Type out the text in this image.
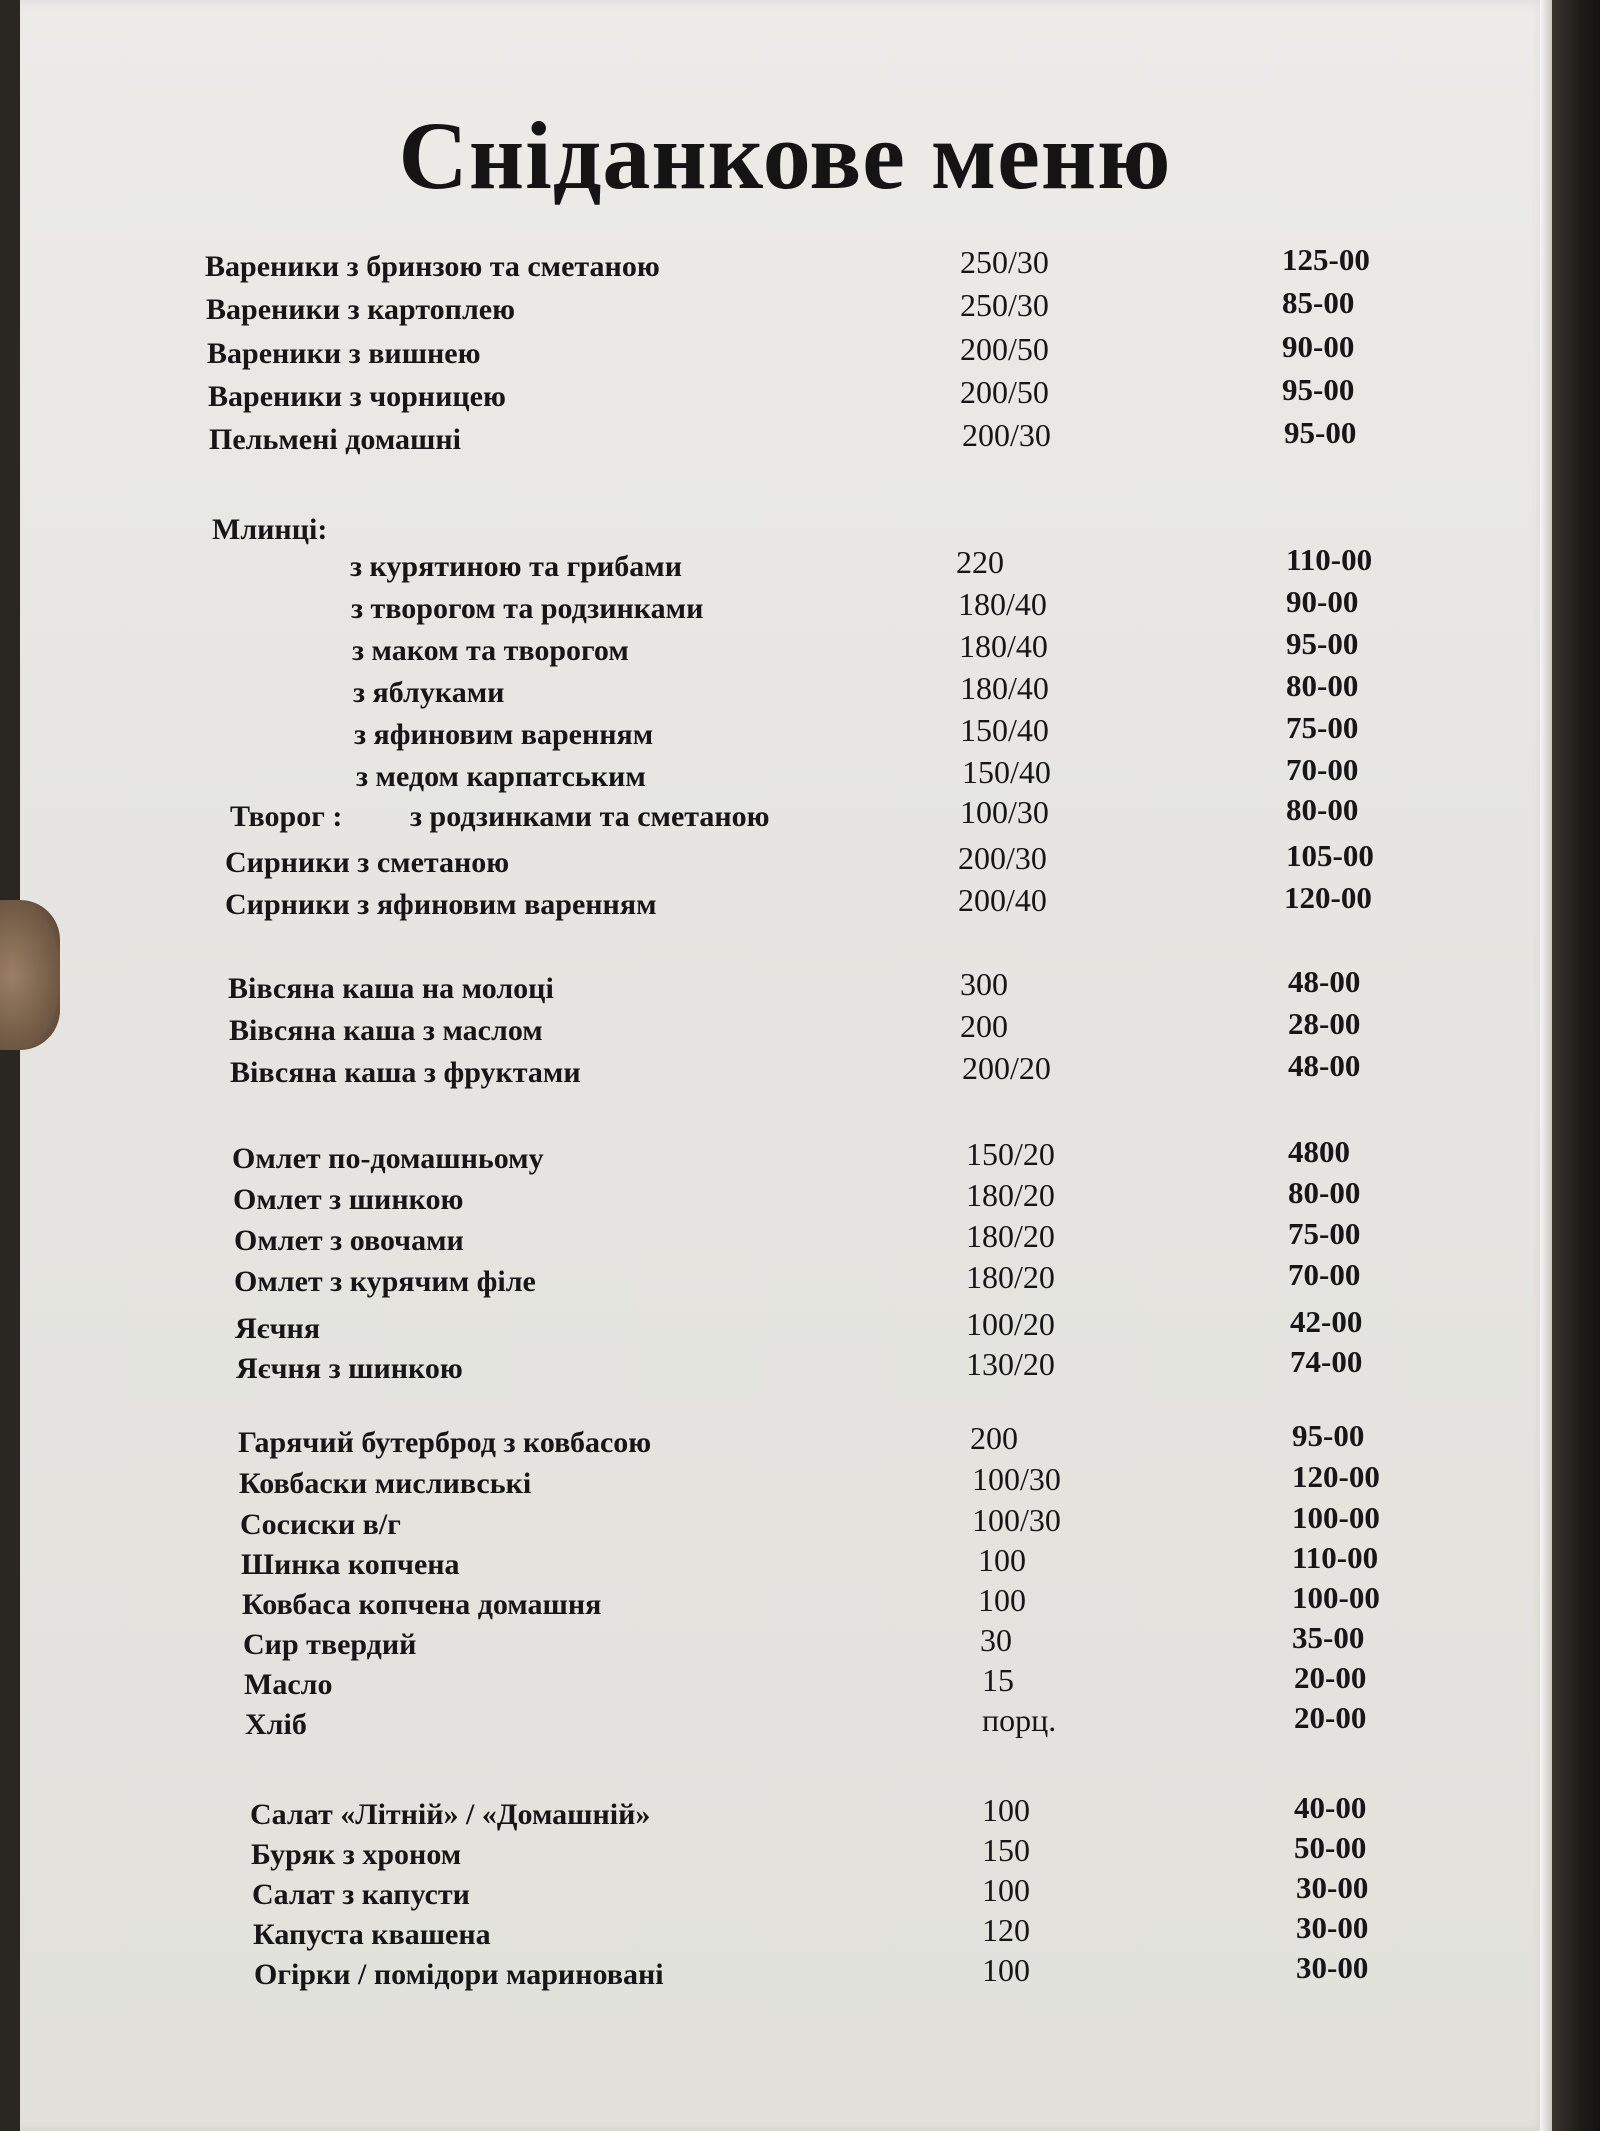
Сніданкове меню
Вареники з бринзою та сметаною	250/30	125-00
Вареники з картоплею	250/30	85-00
Вареники з вишнею	200/50	90-00
Вареники з чорницею	200/50	95-00
Пельмені домашні	200/30	95-00
Млинці:
з курятиною та грибами	220	110-00
з творогом та родзинками	180/40	90-00
з маком та творогом	180/40	95-00
з яблуками	180/40	80-00
з яфиновим варенням	150/40	75-00
з медом карпатським	150/40	70-00
Творог : з родзинками та сметаною	100/30	80-00
Сирники з сметаною	200/30	105-00
Сирники з яфиновим варенням	200/40	120-00
Вівсяна каша на молоці	300	48-00
Вівсяна каша з маслом	200	28-00
Вівсяна каша з фруктами	200/20	48-00
Омлет по-домашньому	150/20	4800
Омлет з шинкою	180/20	80-00
Омлет з овочами	180/20	75-00
Омлет з курячим філе	180/20	70-00
Яєчня	100/20	42-00
Яєчня з шинкою	130/20	74-00
Гарячий бутерброд з ковбасою	200	95-00
Ковбаски мисливські	100/30	120-00
Сосиски в/г	100/30	100-00
Шинка копчена	100	110-00
Ковбаса копчена домашня	100	100-00
Сир твердий	30	35-00
Масло	15	20-00
Хліб	порц.	20-00
Салат «Літній» / «Домашній»	100	40-00
Буряк з хроном	150	50-00
Салат з капусти	100	30-00
Капуста квашена	120	30-00
Огірки / помідори мариновані	100	30-00
